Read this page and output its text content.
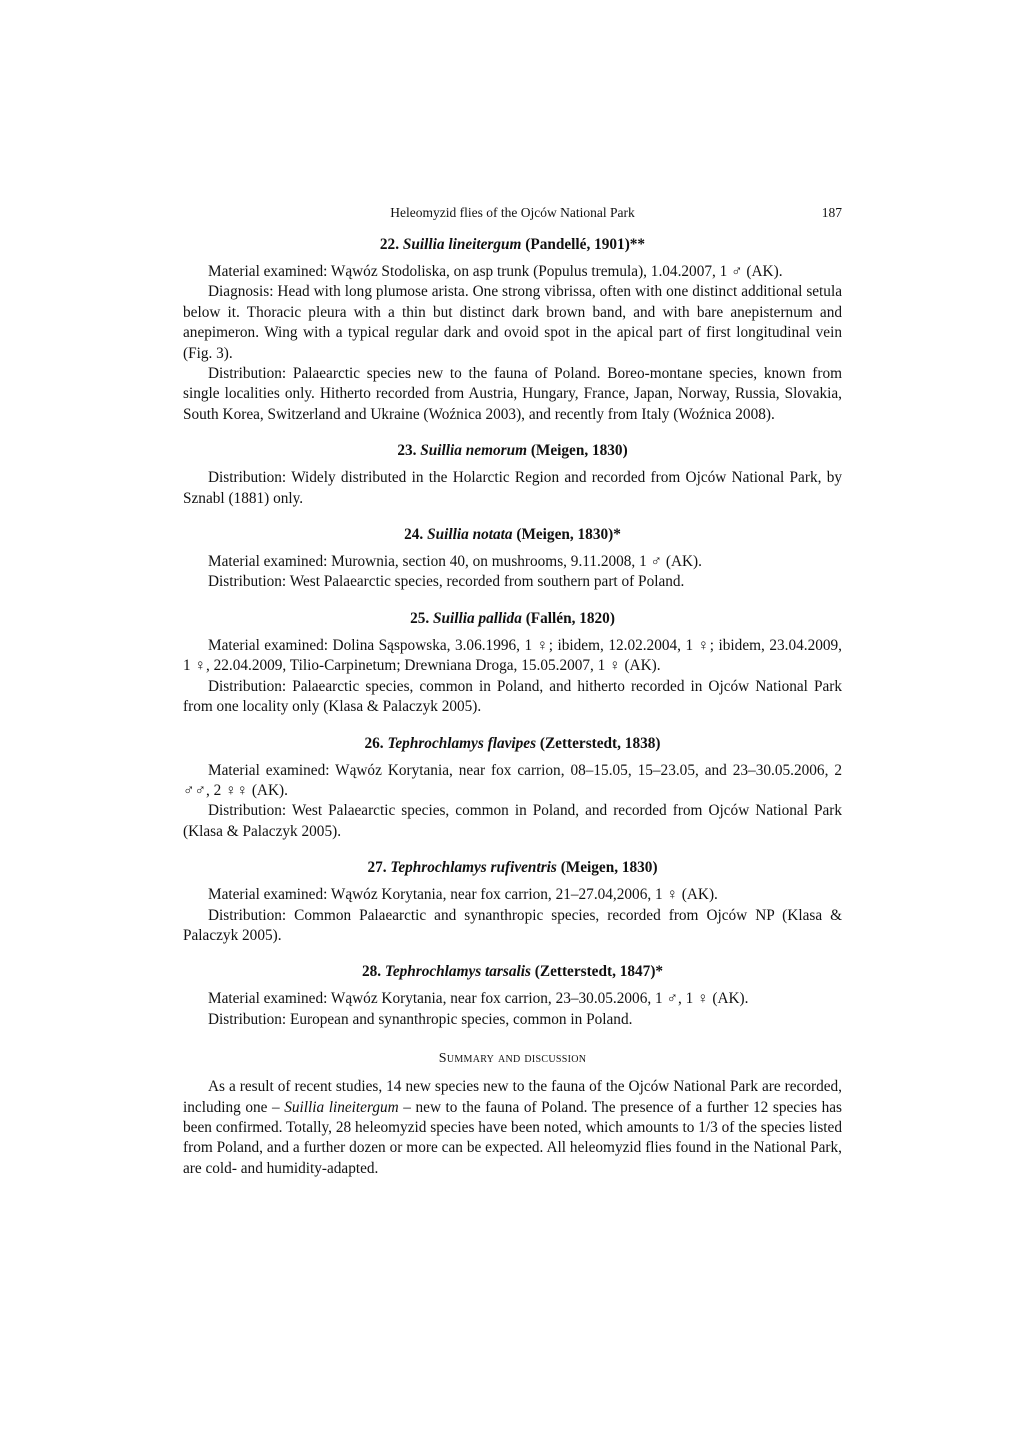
Heleomyzid flies of the Ojców National Park	187
22. Suillia lineitergum (Pandellé, 1901)**

Material examined: Wąwóz Stodoliska, on asp trunk (Populus tremula), 1.04.2007, 1 ♂ (AK).

Diagnosis: Head with long plumose arista. One strong vibrissa, often with one distinct additional setula below it. Thoracic pleura with a thin but distinct dark brown band, and with bare anepisternum and anepimeron. Wing with a typical regular dark and ovoid spot in the apical part of first longitudinal vein (Fig. 3).

Distribution: Palaearctic species new to the fauna of Poland. Boreo-montane species, known from single localities only. Hitherto recorded from Austria, Hungary, France, Japan, Norway, Russia, Slovakia, South Korea, Switzerland and Ukraine (Woźnica 2003), and recently from Italy (Woźnica 2008).

23. Suillia nemorum (Meigen, 1830)

Distribution: Widely distributed in the Holarctic Region and recorded from Ojców National Park, by Sznabl (1881) only.

24. Suillia notata (Meigen, 1830)*

Material examined: Murownia, section 40, on mushrooms, 9.11.2008, 1 ♂ (AK).

Distribution: West Palaearctic species, recorded from southern part of Poland.

25. Suillia pallida (Fallén, 1820)

Material examined: Dolina Sąspowska, 3.06.1996, 1 ♀; ibidem, 12.02.2004, 1 ♀; ibidem, 23.04.2009, 1 ♀, 22.04.2009, Tilio-Carpinetum; Drewniana Droga, 15.05.2007, 1 ♀ (AK).

Distribution: Palaearctic species, common in Poland, and hitherto recorded in Ojców National Park from one locality only (Klasa & Palaczyk 2005).

26. Tephrochlamys flavipes (Zetterstedt, 1838)

Material examined: Wąwóz Korytania, near fox carrion, 08–15.05, 15–23.05, and 23–30.05.2006, 2 ♂♂, 2 ♀♀ (AK).

Distribution: West Palaearctic species, common in Poland, and recorded from Ojców National Park (Klasa & Palaczyk 2005).

27. Tephrochlamys rufiventris (Meigen, 1830)

Material examined: Wąwóz Korytania, near fox carrion, 21–27.04,2006, 1 ♀ (AK).

Distribution: Common Palaearctic and synanthropic species, recorded from Ojców NP (Klasa & Palaczyk 2005).

28. Tephrochlamys tarsalis (Zetterstedt, 1847)*

Material examined: Wąwóz Korytania, near fox carrion, 23–30.05.2006, 1 ♂, 1 ♀ (AK).

Distribution: European and synanthropic species, common in Poland.

Summary and discussion

As a result of recent studies, 14 new species new to the fauna of the Ojców National Park are recorded, including one – Suillia lineitergum – new to the fauna of Poland. The presence of a further 12 species has been confirmed. Totally, 28 heleomyzid species have been noted, which amounts to 1/3 of the species listed from Poland, and a further dozen or more can be expected. All heleomyzid flies found in the National Park, are cold- and humidity-adapted.
